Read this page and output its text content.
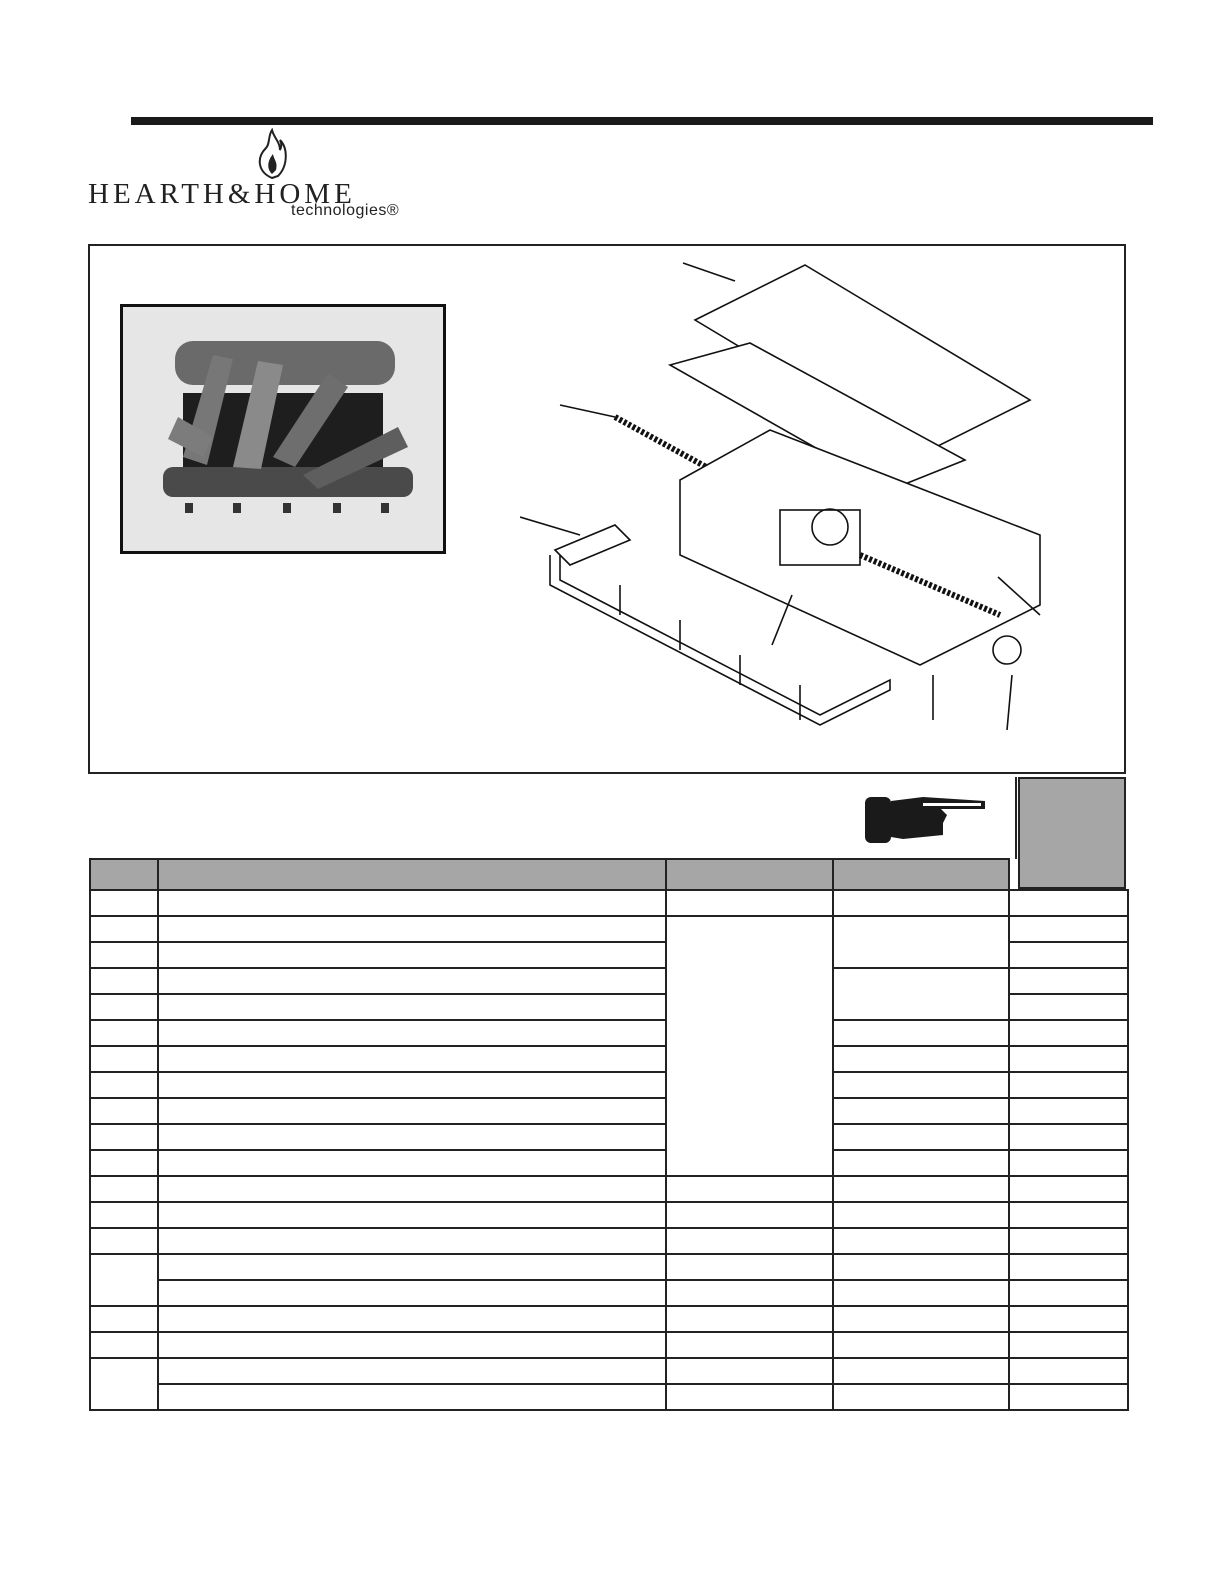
HEARTH&HOME
technologies®
